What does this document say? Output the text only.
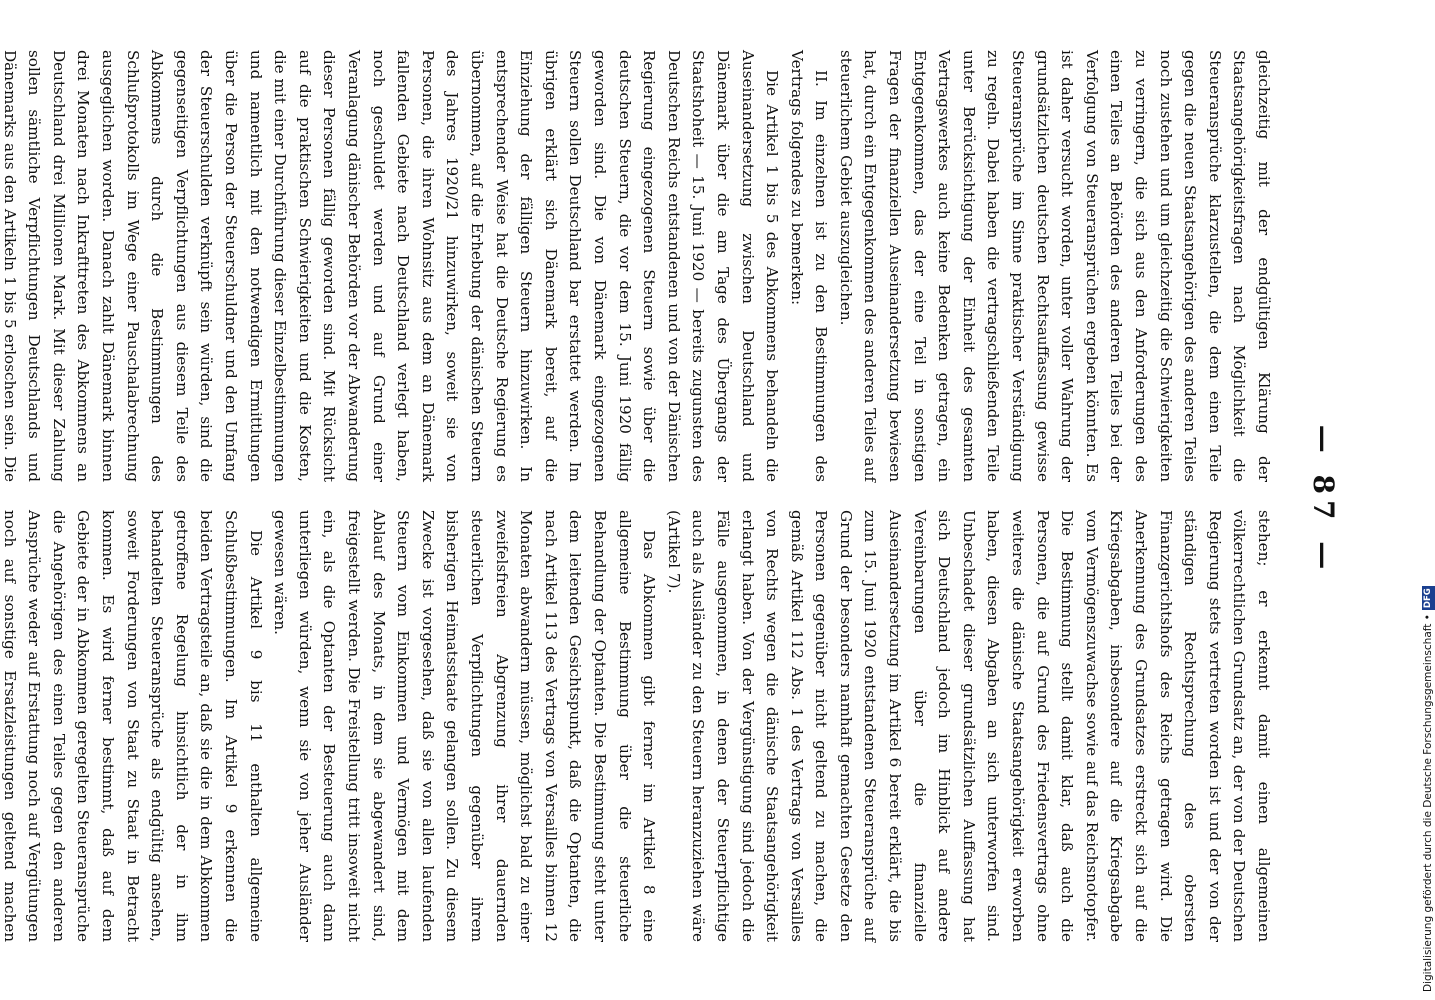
— 87 —

gleichzeitig mit der endgültigen Klärung der Staatsangehörigkeitsfragen nach Möglichkeit die Steueransprüche klarzustellen, die dem einen Teile gegen die neuen Staatsangehörigen des anderen Teiles noch zustehen und um gleichzeitig die Schwierigkeiten zu verringern, die sich aus den Anforderungen des einen Teiles an Behörden des anderen Teiles bei der Verfolgung von Steueransprüchen ergeben könnten. Es ist daher versucht worden, unter voller Wahrung der grundsätzlichen deutschen Rechtsauffassung gewisse Steueransprüche im Sinne praktischer Verständigung zu regeln. Dabei haben die vertragschließenden Teile unter Berücksichtigung der Einheit des gesamten Vertragswerkes auch keine Bedenken getragen, ein Entgegenkommen, das der eine Teil in sonstigen Fragen der finanziellen Auseinandersetzung bewiesen hat, durch ein Entgegenkommen des anderen Teiles auf steuerlichem Gebiet auszugleichen.

II. Im einzelnen ist zu den Bestimmungen des Vertrags folgendes zu bemerken:

Die Artikel 1 bis 5 des Abkommens behandeln die Auseinandersetzung zwischen Deutschland und Dänemark über die am Tage des Übergangs der Staatshoheit — 15. Juni 1920 — bereits zugunsten des Deutschen Reichs entstandenen und von der Dänischen Regierung eingezogenen Steuern sowie über die deutschen Steuern, die vor dem 15. Juni 1920 fällig geworden sind. Die von Dänemark eingezogenen Steuern sollen Deutschland bar erstattet werden. Im übrigen erklärt sich Dänemark bereit, auf die Einziehung der fälligen Steuern hinzuwirken. In entsprechender Weise hat die Deutsche Regierung es übernommen, auf die Erhebung der dänischen Steuern des Jahres 1920/21 hinzuwirken, soweit sie von Personen, die ihren Wohnsitz aus dem an Dänemark fallenden Gebiete nach Deutschland verlegt haben, noch geschuldet werden und auf Grund einer Veranlagung dänischer Behörden vor der Abwanderung dieser Personen fällig geworden sind. Mit Rücksicht auf die praktischen Schwierigkeiten und die Kosten, die mit einer Durchführung dieser Einzelbestimmungen und namentlich mit den notwendigen Ermittlungen über die Person der Steuerschuldner und den Umfang der Steuerschulden verknüpft sein würden, sind die gegenseitigen Verpflichtungen aus diesem Teile des Abkommens durch die Bestimmungen des Schlußprotokolls im Wege einer Pauschalabrechnung ausgeglichen worden. Danach zahlt Dänemark binnen drei Monaten nach Inkrafttreten des Abkommens an Deutschland drei Millionen Mark. Mit dieser Zahlung sollen sämtliche Verpflichtungen Deutschlands und Dänemarks aus den Artikeln 1 bis 5 erloschen sein. Die

stehen; er erkennt damit einen allgemeinen völkerrechtlichen Grundsatz an, der von der Deutschen Regierung stets vertreten worden ist und der von der ständigen Rechtsprechung des obersten Finanzgerichtshofs des Reichs getragen wird. Die Anerkennung des Grundsatzes erstreckt sich auf die Kriegsabgaben, insbesondere auf die Kriegsabgabe vom Vermögenszuwachse sowie auf das Reichsnotopfer. Die Bestimmung stellt damit klar, daß auch die Personen, die auf Grund des Friedensvertrags ohne weiteres die dänische Staatsangehörigkeit erworben haben, diesen Abgaben an sich unterworfen sind. Unbeschadet dieser grundsätzlichen Auffassung hat sich Deutschland jedoch im Hinblick auf andere Vereinbarungen über die finanzielle Auseinandersetzung im Artikel 6 bereit erklärt, die bis zum 15. Juni 1920 entstandenen Steueransprüche auf Grund der besonders namhaft gemachten Gesetze den Personen gegenüber nicht geltend zu machen, die gemäß Artikel 112 Abs. 1 des Vertrags von Versailles von Rechts wegen die dänische Staatsangehörigkeit erlangt haben. Von der Vergünstigung sind jedoch die Fälle ausgenommen, in denen der Steuerpflichtige auch als Ausländer zu den Steuern heranzuziehen wäre (Artikel 7).

Das Abkommen gibt ferner im Artikel 8 eine allgemeine Bestimmung über die steuerliche Behandlung der Optanten. Die Bestimmung steht unter dem leitenden Gesichtspunkt, daß die Optanten, die nach Artikel 113 des Vertrags von Versailles binnen 12 Monaten abwandern müssen, möglichst bald zu einer zweifelsfreien Abgrenzung ihrer dauernden steuerlichen Verpflichtungen gegenüber ihrem bisherigen Heimatsstaate gelangen sollen. Zu diesem Zwecke ist vorgesehen, daß sie von allen laufenden Steuern vom Einkommen und Vermögen mit dem Ablauf des Monats, in dem sie abgewandert sind, freigestellt werden. Die Freistellung tritt insoweit nicht ein, als die Optanten der Besteuerung auch dann unterliegen würden, wenn sie von jeher Ausländer gewesen wären.

Die Artikel 9 bis 11 enthalten allgemeine Schlußbestimmungen. Im Artikel 9 erkennen die beiden Vertragsteile an, daß sie die in dem Abkommen getroffene Regelung hinsichtlich der in ihm behandelten Steueransprüche als endgültig ansehen, soweit Forderungen von Staat zu Staat in Betracht kommen. Es wird ferner bestimmt, daß auf dem Gebiete der in Abkommen geregelten Steueransprüche die Angehörigen des einen Teiles gegen den anderen Ansprüche weder auf Erstattung noch auf Vergütungen noch auf sonstige Ersatzleistungen geltend machen	Digitalisierung gefördert durch die Deutsche Forschungsgemeinschaft •
DFG
